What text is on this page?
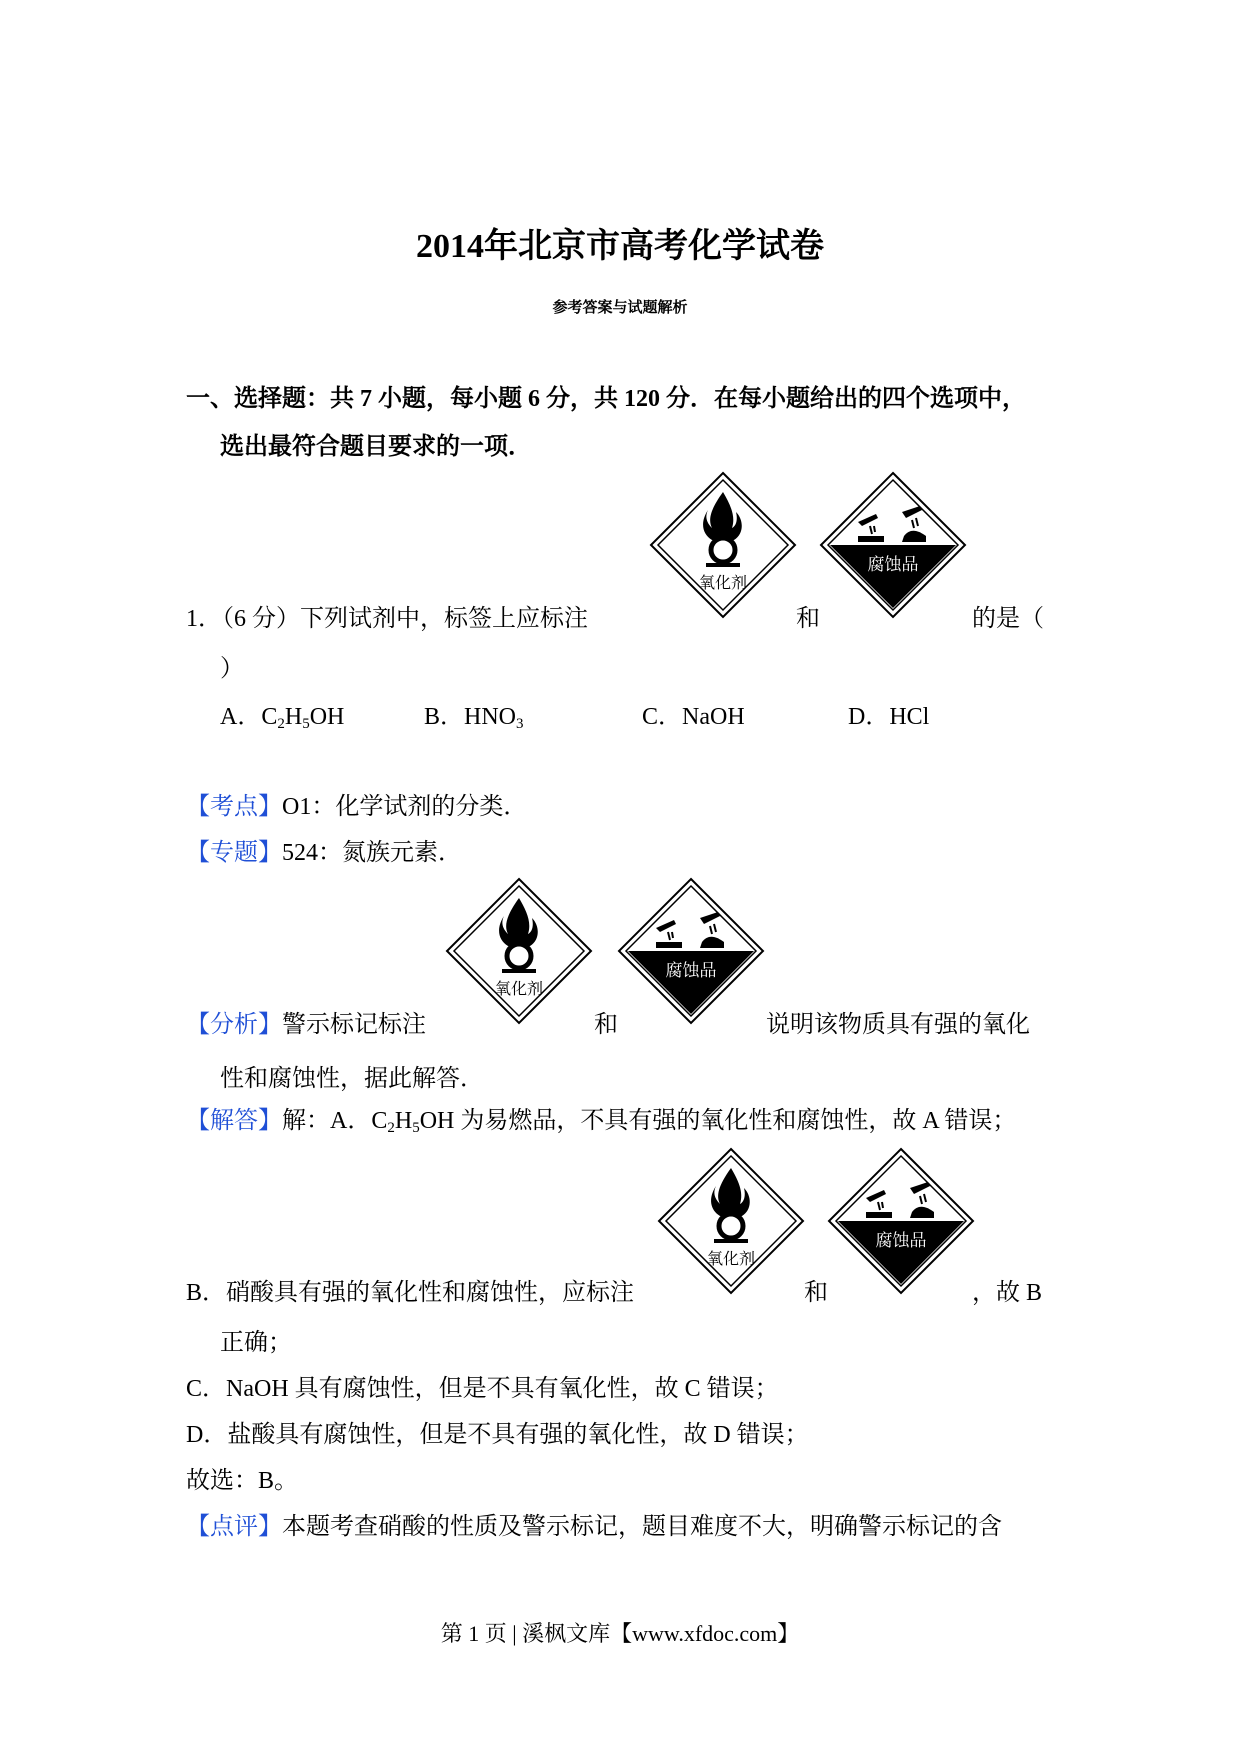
2014年北京市高考化学试卷
参考答案与试题解析
一、选择题：共 7 小题，每小题 6 分，共 120 分．在每小题给出的四个选项中，
选出最符合题目要求的一项．
1．（6 分）下列试剂中，标签上应标注
氧化剂
和
腐蚀品
的是（
）
A．$C_2H_5OH$	B．$HNO_3$	C．NaOH	D．HCl
【考点】O1：化学试剂的分类．
【专题】524：氮族元素．
【分析】警示标记标注
氧化剂
和
腐蚀品
说明该物质具有强的氧化
性和腐蚀性，据此解答．
【解答】解：A．$C_2H_5OH$ 为易燃品，不具有强的氧化性和腐蚀性，故 A 错误；
B．硝酸具有强的氧化性和腐蚀性，应标注
氧化剂
和
腐蚀品
，故 B
正确；
C．NaOH 具有腐蚀性，但是不具有氧化性，故 C 错误；
D．盐酸具有腐蚀性，但是不具有强的氧化性，故 D 错误；
故选：B。
【点评】本题考查硝酸的性质及警示标记，题目难度不大，明确警示标记的含
第 1 页 | 溪枫文库【www.xfdoc.com】
